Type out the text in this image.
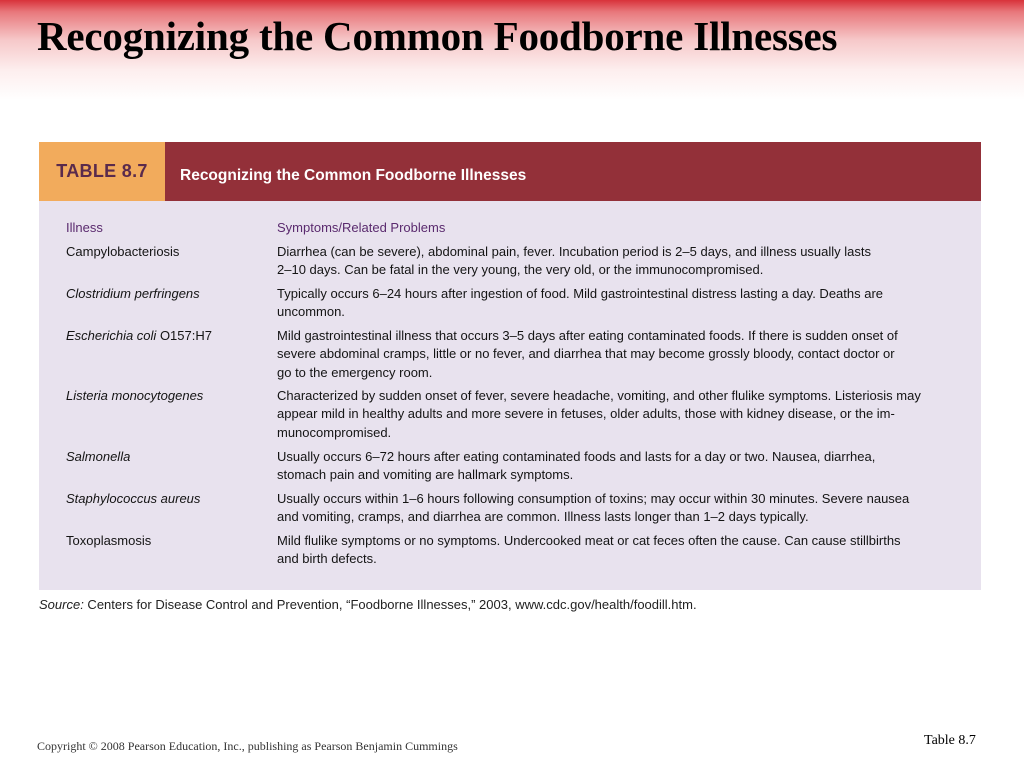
Recognizing the Common Foodborne Illnesses
TABLE 8.7	Recognizing the Common Foodborne Illnesses
Illness	Symptoms/Related Problems
Campylobacteriosis	Diarrhea (can be severe), abdominal pain, fever. Incubation period is 2–5 days, and illness usually lasts
2–10 days. Can be fatal in the very young, the very old, or the immunocompromised.
Clostridium perfringens	Typically occurs 6–24 hours after ingestion of food. Mild gastrointestinal distress lasting a day. Deaths are
uncommon.
Escherichia coli O157:H7	Mild gastrointestinal illness that occurs 3–5 days after eating contaminated foods. If there is sudden onset of
severe abdominal cramps, little or no fever, and diarrhea that may become grossly bloody, contact doctor or
go to the emergency room.
Listeria monocytogenes	Characterized by sudden onset of fever, severe headache, vomiting, and other flulike symptoms. Listeriosis may
appear mild in healthy adults and more severe in fetuses, older adults, those with kidney disease, or the im-
munocompromised.
Salmonella	Usually occurs 6–72 hours after eating contaminated foods and lasts for a day or two. Nausea, diarrhea,
stomach pain and vomiting are hallmark symptoms.
Staphylococcus aureus	Usually occurs within 1–6 hours following consumption of toxins; may occur within 30 minutes. Severe nausea
and vomiting, cramps, and diarrhea are common. Illness lasts longer than 1–2 days typically.
Toxoplasmosis	Mild flulike symptoms or no symptoms. Undercooked meat or cat feces often the cause. Can cause stillbirths
and birth defects.
Source: Centers for Disease Control and Prevention, “Foodborne Illnesses,” 2003, www.cdc.gov/health/foodill.htm.
Copyright © 2008 Pearson Education, Inc., publishing as Pearson Benjamin Cummings	Table 8.7
